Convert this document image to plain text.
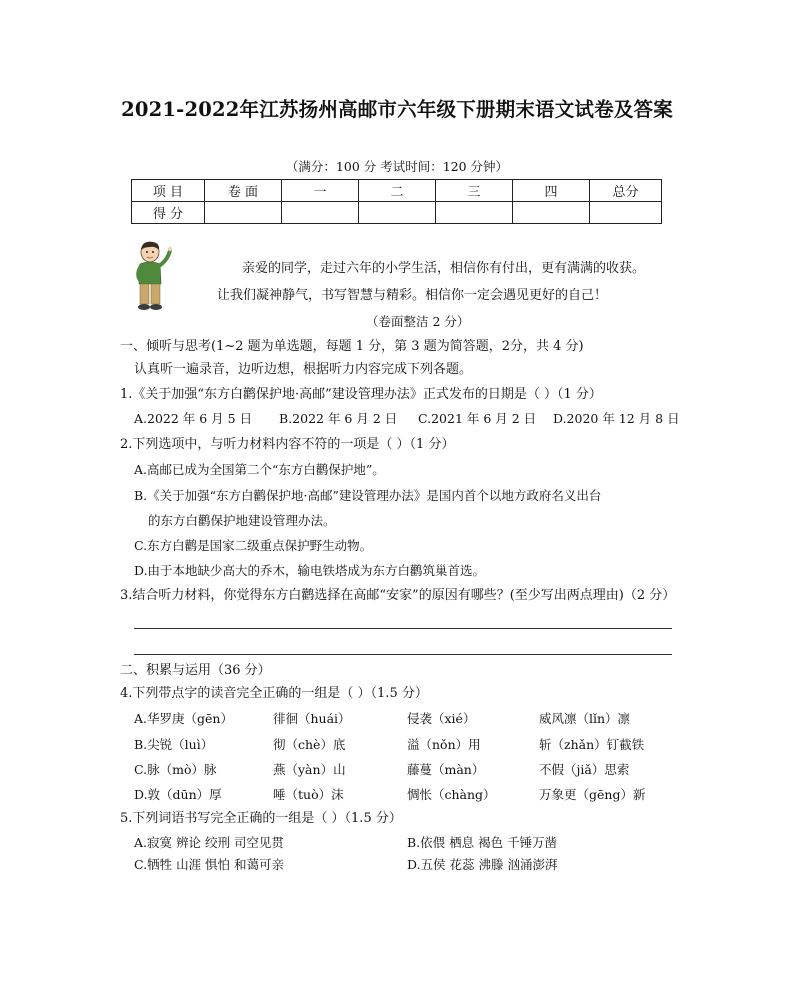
2021-2022年江苏扬州高邮市六年级下册期末语文试卷及答案
（满分：100 分 考试时间：120 分钟）
项 目	卷 面	一	二	三	四	总分
得 分						
亲爱的同学，走过六年的小学生活，相信你有付出，更有满满的收获。
让我们凝神静气，书写智慧与精彩。相信你一定会遇见更好的自己！
（卷面整洁 2 分）
一、倾听与思考(1~2 题为单选题，每题 1 分，第 3 题为简答题，2分，共 4 分)
认真听一遍录音，边听边想，根据听力内容完成下列各题。
1.《关于加强“东方白鹳保护地·高邮”建设管理办法》正式发布的日期是（ ）（1 分）
A.2022 年 6 月 5 日 B.2022 年 6 月 2 日 C.2021 年 6 月 2 日 D.2020 年 12 月 8 日
2.下列选项中，与听力材料内容不符的一项是（ ）（1 分）
A.高邮已成为全国第二个“东方白鹳保护地”。
B.《关于加强“东方白鹳保护地·高邮”建设管理办法》是国内首个以地方政府名义出台
的东方白鹳保护地建设管理办法。
C.东方白鹳是国家二级重点保护野生动物。
D.由于本地缺少高大的乔木，输电铁塔成为东方白鹳筑巢首选。
3.结合听力材料，你觉得东方白鹳选择在高邮“安家”的原因有哪些？(至少写出两点理由)（2 分）
二、积累与运用（36 分）
4.下列带点字的读音完全正确的一组是（ ）（1.5 分）
A.华罗庚（gēn）	徘徊（huái）	侵袭（xié）	威风凛（lǐn）凛
B.尖锐（luì）	彻（chè）底	溢（nǒn）用	斩（zhǎn）钉截铁
C.脉（mò）脉	燕（yàn）山	藤蔓（màn）	不假（jiǎ）思索
D.敦（dūn）厚	唾（tuò）沫	惆怅（chàng）	万象更（gēng）新
5.下列词语书写完全正确的一组是（ ）（1.5 分）
A.寂寞 辨论 绞刑 司空见贯	B.依偎 栖息 褐色 千锤万凿
C.牺牲 山涯 惧怕 和蔼可亲	D.五侯 花蕊 沸滕 汹涌澎湃
